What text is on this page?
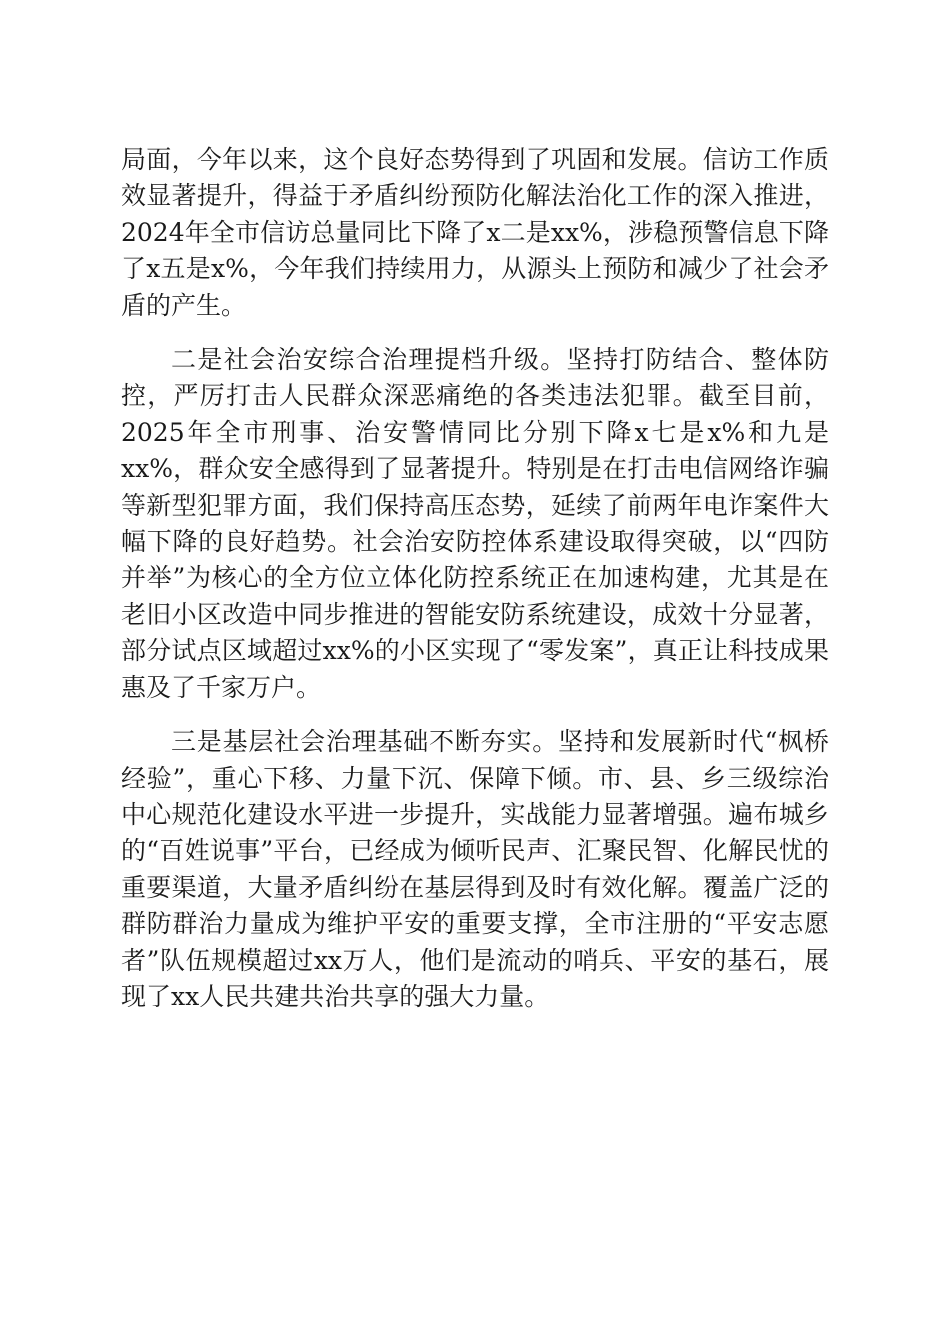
局面，今年以来，这个良好态势得到了巩固和发展。信访工作质效显著提升，得益于矛盾纠纷预防化解法治化工作的深入推进，2024年全市信访总量同比下降了x二是xx%，涉稳预警信息下降了x五是x%，今年我们持续用力，从源头上预防和减少了社会矛盾的产生。

二是社会治安综合治理提档升级。坚持打防结合、整体防控，严厉打击人民群众深恶痛绝的各类违法犯罪。截至目前，2025年全市刑事、治安警情同比分别下降x七是x%和九是xx%，群众安全感得到了显著提升。特别是在打击电信网络诈骗等新型犯罪方面，我们保持高压态势，延续了前两年电诈案件大幅下降的良好趋势。社会治安防控体系建设取得突破，以“四防并举”为核心的全方位立体化防控系统正在加速构建，尤其是在老旧小区改造中同步推进的智能安防系统建设，成效十分显著，部分试点区域超过xx%的小区实现了“零发案”，真正让科技成果惠及了千家万户。

三是基层社会治理基础不断夯实。坚持和发展新时代“枫桥经验”，重心下移、力量下沉、保障下倾。市、县、乡三级综治中心规范化建设水平进一步提升，实战能力显著增强。遍布城乡的“百姓说事”平台，已经成为倾听民声、汇聚民智、化解民忧的重要渠道，大量矛盾纠纷在基层得到及时有效化解。覆盖广泛的群防群治力量成为维护平安的重要支撑，全市注册的“平安志愿者”队伍规模超过xx万人，他们是流动的哨兵、平安的基石，展现了xx人民共建共治共享的强大力量。
